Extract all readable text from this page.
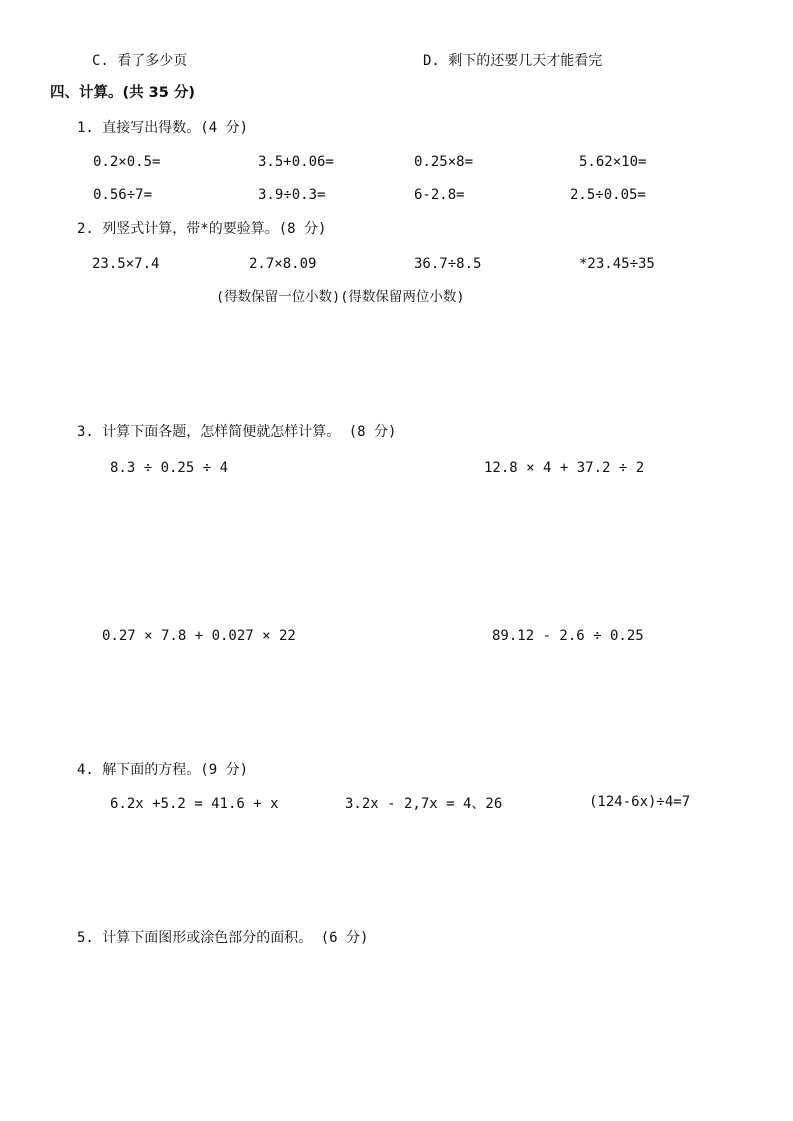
C. 看了多少页	D. 剩下的还要几天才能看完
四、计算。(共 35 分)
1. 直接写出得数。(4 分)
0.2×0.5=	3.5+0.06=	0.25×8=	5.62×10=
0.56÷7=	3.9÷0.3=	6-2.8=	2.5÷0.05=
2. 列竖式计算，带*的要验算。(8 分)
23.5×7.4	2.7×8.09	36.7÷8.5	*23.45÷35
(得数保留一位小数)(得数保留两位小数)
3. 计算下面各题，怎样简便就怎样计算。 (8 分)
8.3 ÷ 0.25 ÷ 4	12.8 × 4 + 37.2 ÷ 2
0.27 × 7.8 + 0.027 × 22	89.12 - 2.6 ÷ 0.25
4. 解下面的方程。(9 分)
6.2x +5.2 = 41.6 + x	3.2x - 2,7x = 4、26	(124-6x)÷4=7
5. 计算下面图形或涂色部分的面积。 (6 分)
